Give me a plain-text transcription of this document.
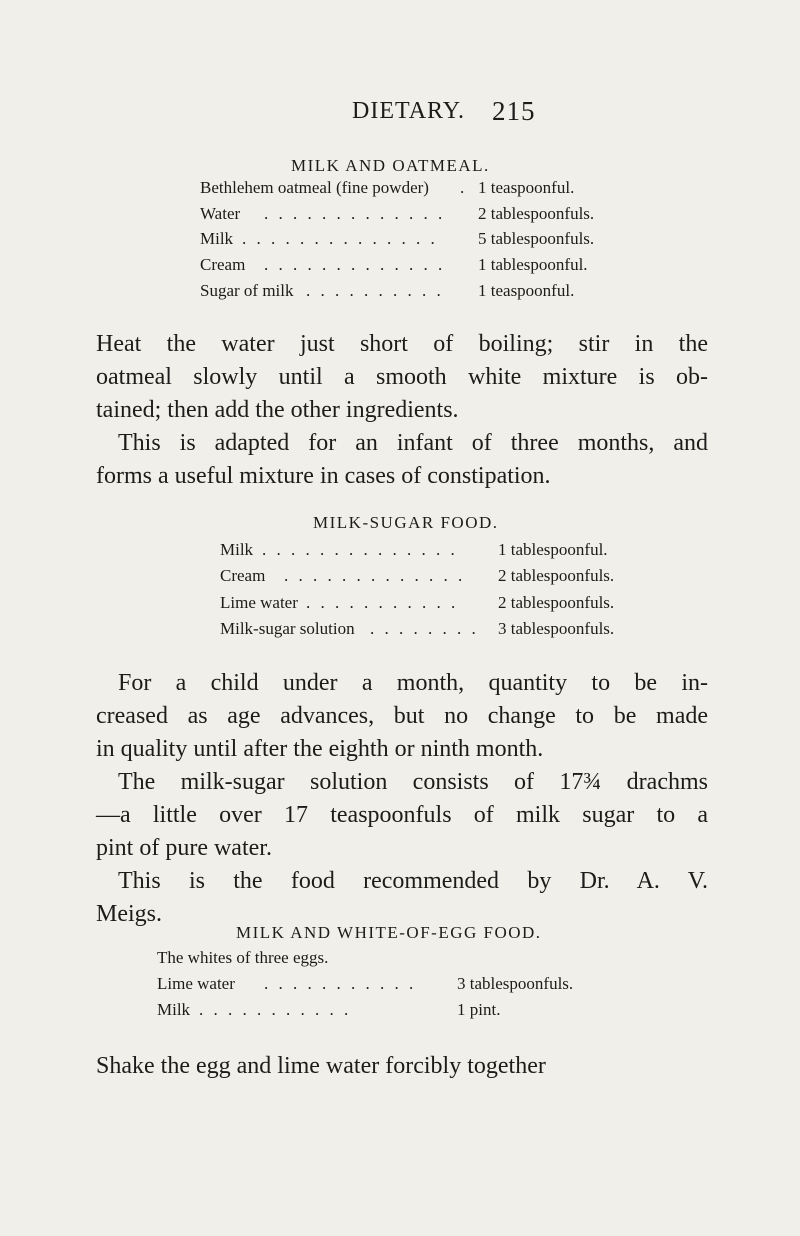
DIETARY. 215
MILK AND OATMEAL.
Bethlehem oatmeal (fine powder) . 1 teaspoonful.
Water . . . . . . . . . . . . . 2 tablespoonfuls.
Milk . . . . . . . . . . . . . . 5 tablespoonfuls.
Cream . . . . . . . . . . . . . 1 tablespoonful.
Sugar of milk . . . . . . . . . . 1 teaspoonful.
Heat the water just short of boiling; stir in the
oatmeal slowly until a smooth white mixture is ob-
tained; then add the other ingredients.
This is adapted for an infant of three months, and
forms a useful mixture in cases of constipation.
MILK-SUGAR FOOD.
Milk . . . . . . . . . . . . . . 1 tablespoonful.
Cream . . . . . . . . . . . . . 2 tablespoonfuls.
Lime water . . . . . . . . . . . 2 tablespoonfuls.
Milk-sugar solution . . . . . . . . 3 tablespoonfuls.
For a child under a month, quantity to be in-
creased as age advances, but no change to be made
in quality until after the eighth or ninth month.
The milk-sugar solution consists of 17¾ drachms
—a little over 17 teaspoonfuls of milk sugar to a
pint of pure water.
This is the food recommended by Dr. A. V.
Meigs.
MILK AND WHITE-OF-EGG FOOD.
The whites of three eggs.
Lime water . . . . . . . . . . . 3 tablespoonfuls.
Milk . . . . . . . . . . .	1 pint.
Shake the egg and lime water forcibly together
